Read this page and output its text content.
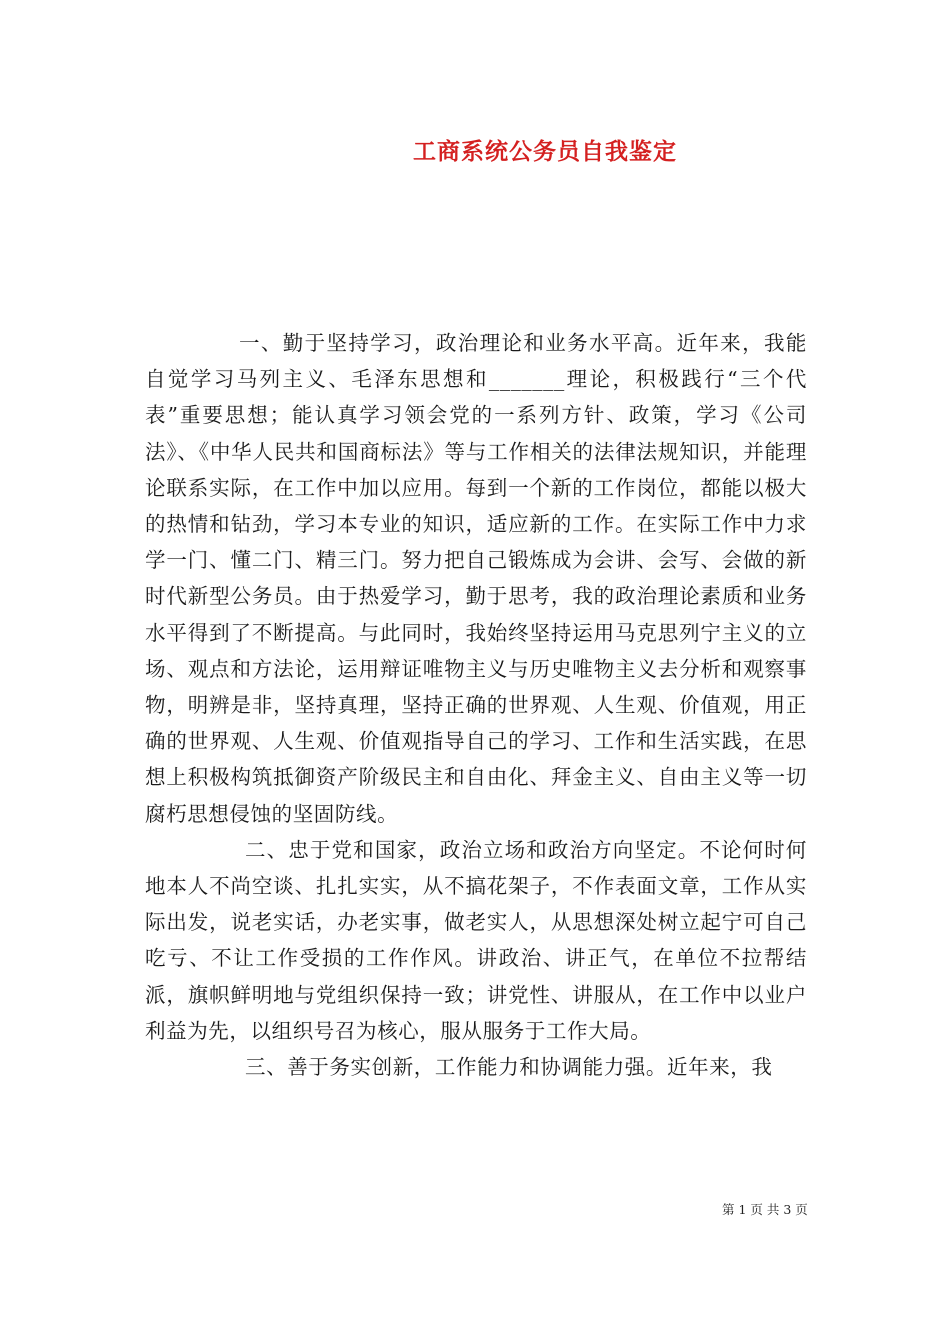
工商系统公务员自我鉴定

一、勤于坚持学习，政治理论和业务水平高。近年来，我能自觉学习马列主义、毛泽东思想和_______理论，积极践行“三个代表”重要思想；能认真学习领会党的一系列方针、政策，学习《公司法》、《中华人民共和国商标法》等与工作相关的法律法规知识，并能理论联系实际，在工作中加以应用。每到一个新的工作岗位，都能以极大的热情和钻劲，学习本专业的知识，适应新的工作。在实际工作中力求学一门、懂二门、精三门。努力把自己锻炼成为会讲、会写、会做的新时代新型公务员。由于热爱学习，勤于思考，我的政治理论素质和业务水平得到了不断提高。与此同时，我始终坚持运用马克思列宁主义的立场、观点和方法论，运用辩证唯物主义与历史唯物主义去分析和观察事物，明辨是非，坚持真理，坚持正确的世界观、人生观、价值观，用正确的世界观、人生观、价值观指导自己的学习、工作和生活实践，在思想上积极构筑抵御资产阶级民主和自由化、拜金主义、自由主义等一切腐朽思想侵蚀的坚固防线。

二、忠于党和国家，政治立场和政治方向坚定。不论何时何地本人不尚空谈、扎扎实实，从不搞花架子，不作表面文章，工作从实际出发，说老实话，办老实事，做老实人，从思想深处树立起宁可自己吃亏、不让工作受损的工作作风。讲政治、讲正气，在单位不拉帮结派，旗帜鲜明地与党组织保持一致；讲党性、讲服从，在工作中以业户利益为先，以组织号召为核心，服从服务于工作大局。

三、善于务实创新，工作能力和协调能力强。近年来，我

第 1 页 共 3 页
